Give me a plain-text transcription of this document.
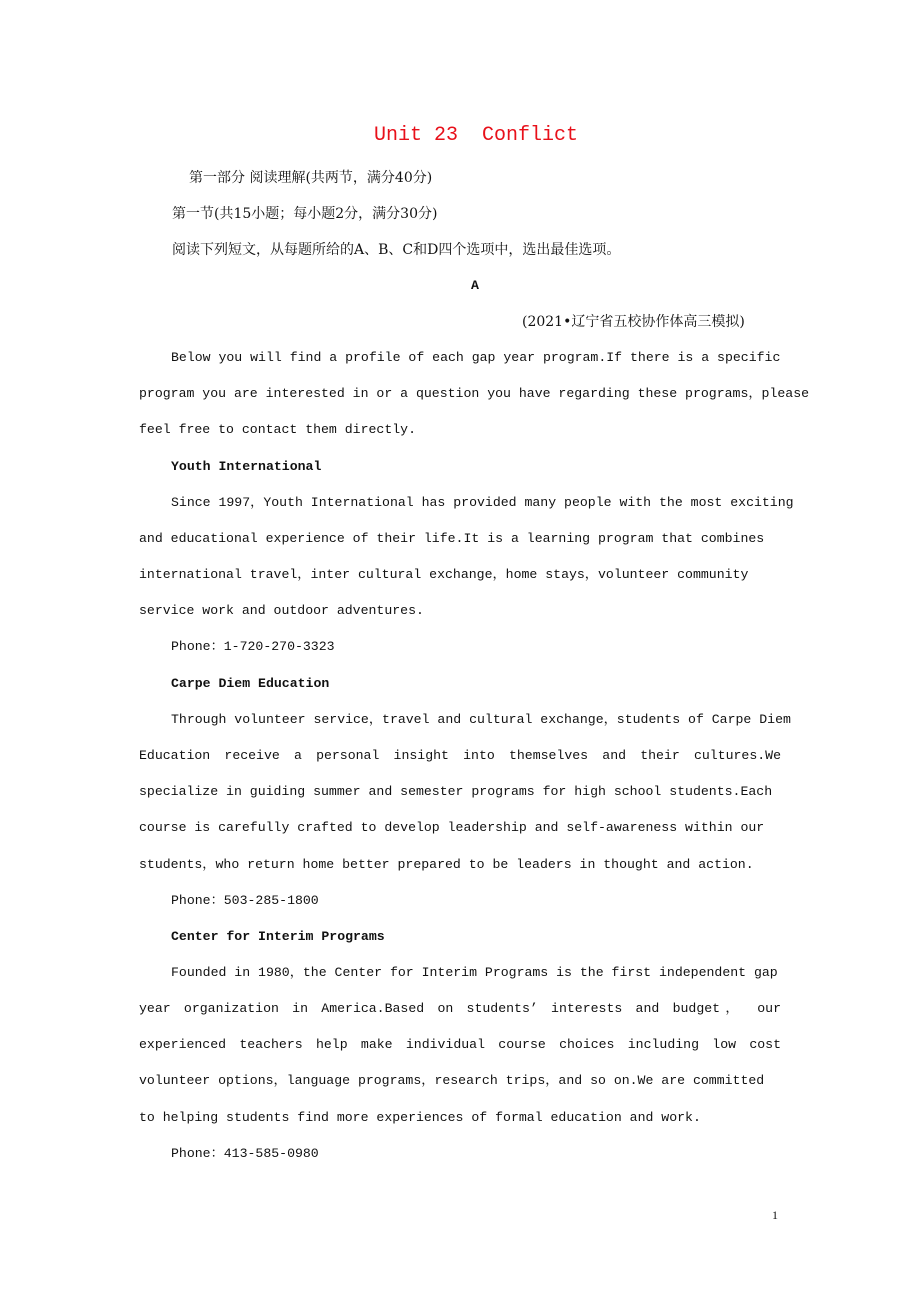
Unit 23  Conflict
第一部分 阅读理解(共两节，满分40分)
第一节(共15小题；每小题2分，满分30分)
阅读下列短文，从每题所给的A、B、C和D四个选项中，选出最佳选项。
A
(2021•辽宁省五校协作体高三模拟)
Below you will find a profile of each gap year program.If there is a specific
program you are interested in or a question you have regarding these programs，please
feel free to contact them directly.
Youth International
Since 1997，Youth International has provided many people with the most exciting
and educational experience of their life.It is a learning program that combines
international travel，inter cultural exchange，home stays，volunteer community
service work and outdoor adventures.
Phone：1-720-270-3323
Carpe Diem Education
Through volunteer service，travel and cultural exchange，students of Carpe Diem
Education receive a personal insight into themselves and their cultures.We
specialize in guiding summer and semester programs for high school students.Each
course is carefully crafted to develop leadership and self-awareness within our
students，who return home better prepared to be leaders in thought and action.
Phone：503-285-1800
Center for Interim Programs
Founded in 1980，the Center for Interim Programs is the first independent gap
year organization in America.Based on students’ interests and budget， our
experienced teachers help make individual course choices including low cost
volunteer options，language programs，research trips，and so on.We are committed
to helping students find more experiences of formal education and work.
Phone：413-585-0980
1
